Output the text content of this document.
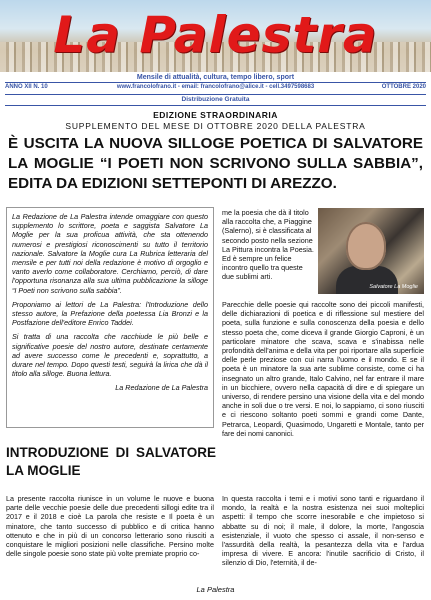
La Palestra
Mensile di attualità, cultura, tempo libero, sport
ANNO XII N. 10	www.francolofrano.it - email: francolofrano@alice.it - cell.3497598683	OTTOBRE 2020
Distribuzione Gratuita
EDIZIONE STRAORDINARIA
SUPPLEMENTO DEL MESE DI OTTOBRE 2020 DELLA PALESTRA
È USCITA LA NUOVA SILLOGE POETICA DI SALVATORE LA MOGLIE “I POETI NON SCRIVONO SULLA SABBIA”, EDITA DA EDIZIONI SETTEPONTI DI AREZZO.

La Redazione de La Palestra intende omaggiare con questo supplemento lo scrittore, poeta e saggista Salvatore La Moglie per la sua proficua attività, che sta ottenendo numerosi e prestigiosi riconoscimenti su tutto il territorio nazionale. Salvatore la Moglie cura La Rubrica letteraria del mensile e per tutti noi della redazione è motivo di orgoglio e vanto averlo come collaboratore. Cerchiamo, perciò, di dare l'opportuna risonanza alla sua ultima pubblicazione la silloge “I Poeti non scrivono sulla sabbia”.

Proponiamo ai lettori de La Palestra: l'Introduzione dello stesso autore, la Prefazione della poetessa Lia Bronzi e la Postfazione dell'editore Enrico Taddei.

Si tratta di una raccolta che racchiude le più belle e significative poesie del nostro autore, destinate certamente ad avere successo come le precedenti e, soprattutto, a durare nel tempo. Dopo questi testi, seguirà la lirica che dà il titolo alla silloge. Buona lettura.

La Redazione de La Palestra

me la poesia che dà il titolo alla raccolta che, a Piaggine (Salerno), si è classificata al secondo posto nella sezione La Pittura incontra la Poesia. Ed è sempre un felice incontro quello tra queste due sublimi arti.

Salvatore La Moglie

Parecchie delle poesie qui raccolte sono dei piccoli manifesti, delle dichiarazioni di poetica e di riflessione sul mestiere del poeta, sulla funzione e sulla conoscenza della poesia e dello stesso poeta che, come diceva il grande Giorgio Caproni, è un particolare minatore che scava, scava e s'inabissa nelle profondità dell'anima e della vita per poi riportare alla superficie delle perle preziose con cui narra l'uomo e il mondo. E se il poeta è un minatore la sua arte sublime consiste, come ci ha insegnato un altro grande, Italo Calvino, nel far entrare il mare in un bicchiere, ovvero nella capacità di dire e di spiegare un universo, di rendere persino una visione della vita e del mondo anche in soli due o tre versi. E noi, lo sappiamo, ci sono riusciti e ci riescono soltanto poeti sommi e grandi come Dante, Petrarca, Leopardi, Quasimodo, Ungaretti e Montale, tanto per fare dei nomi canonici.

INTRODUZIONE DI SALVATORE
LA MOGLIE

La presente raccolta riunisce in un volume le nuove e buona parte delle vecchie poesie delle due precedenti sillogi edite tra il 2017 e il 2018 e cioè La parola che resiste e Il poeta è un minatore, che tanto successo di pubblico e di critica hanno ottenuto e che in più di un concorso letterario sono riusciti a conquistare le migliori posizioni nelle classifiche. Persino molte delle singole poesie sono state più volte premiate proprio co-

In questa raccolta i temi e i motivi sono tanti e riguardano il mondo, la realtà e la nostra esistenza nei suoi molteplici aspetti: il tempo che scorre inesorabile e che impietoso si abbatte su di noi; il male, il dolore, la morte, l'angoscia esistenziale, il vuoto che spesso ci assale, il non-senso e l'assurdità della realtà, la pesantezza della vita e l'ardua impresa di vivere. E ancora: l'inutile sacrificio di Cristo, il silenzio di Dio, l'eternità, il de-

La Palestra
